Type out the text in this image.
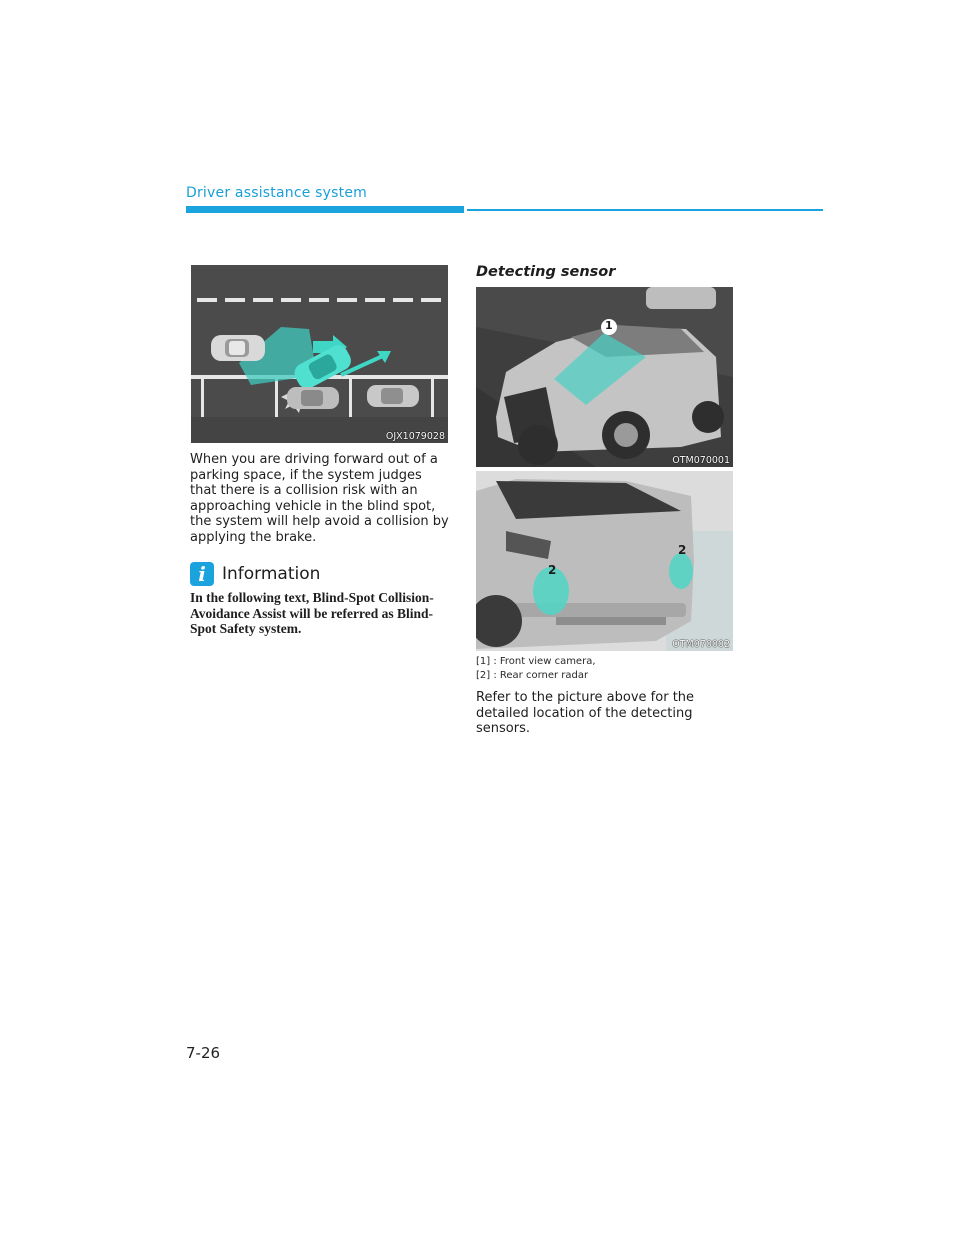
Driver assistance system
OJX1079028
When you are driving forward out of a parking space, if the system judges that there is a collision risk with an approaching vehicle in the blind spot, the system will help avoid a collision by applying the brake.
i Information
In the following text, Blind-Spot Collision-Avoidance Assist will be referred as Blind-Spot Safety system.
Detecting sensor
1
OTM070001
2
2
OTM070002
[1] : Front view camera,
[2] : Rear corner radar
Refer to the picture above for the detailed location of the detecting sensors.
7-26
